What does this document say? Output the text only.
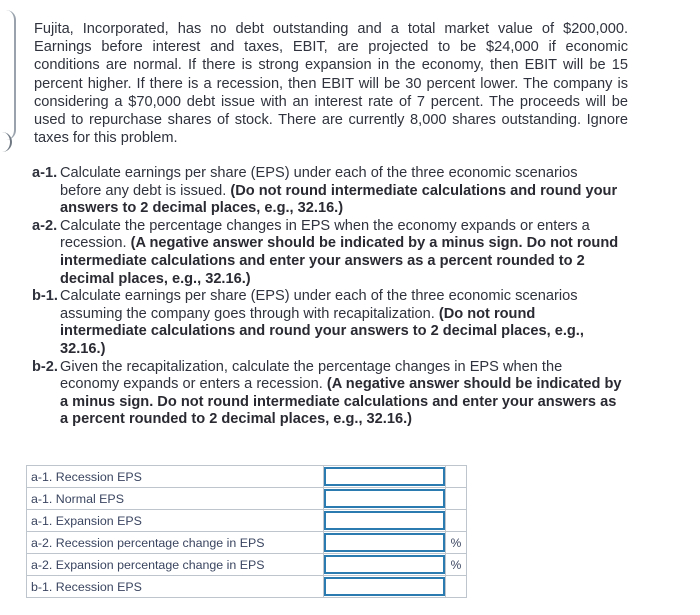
Fujita, Incorporated, has no debt outstanding and a total market value of $200,000. Earnings before interest and taxes, EBIT, are projected to be $24,000 if economic conditions are normal. If there is strong expansion in the economy, then EBIT will be 15 percent higher. If there is a recession, then EBIT will be 30 percent lower. The company is considering a $70,000 debt issue with an interest rate of 7 percent. The proceeds will be used to repurchase shares of stock. There are currently 8,000 shares outstanding. Ignore taxes for this problem.
a-1. Calculate earnings per share (EPS) under each of the three economic scenarios before any debt is issued. (Do not round intermediate calculations and round your answers to 2 decimal places, e.g., 32.16.)
a-2. Calculate the percentage changes in EPS when the economy expands or enters a recession. (A negative answer should be indicated by a minus sign. Do not round intermediate calculations and enter your answers as a percent rounded to 2 decimal places, e.g., 32.16.)
b-1. Calculate earnings per share (EPS) under each of the three economic scenarios assuming the company goes through with recapitalization. (Do not round intermediate calculations and round your answers to 2 decimal places, e.g., 32.16.)
b-2. Given the recapitalization, calculate the percentage changes in EPS when the economy expands or enters a recession. (A negative answer should be indicated by a minus sign. Do not round intermediate calculations and enter your answers as a percent rounded to 2 decimal places, e.g., 32.16.)
a-1. Recession EPS	

a-1. Normal EPS	

a-1. Expansion EPS	

a-2. Recession percentage change in EPS		%

a-2. Expansion percentage change in EPS		%

b-1. Recession EPS	
